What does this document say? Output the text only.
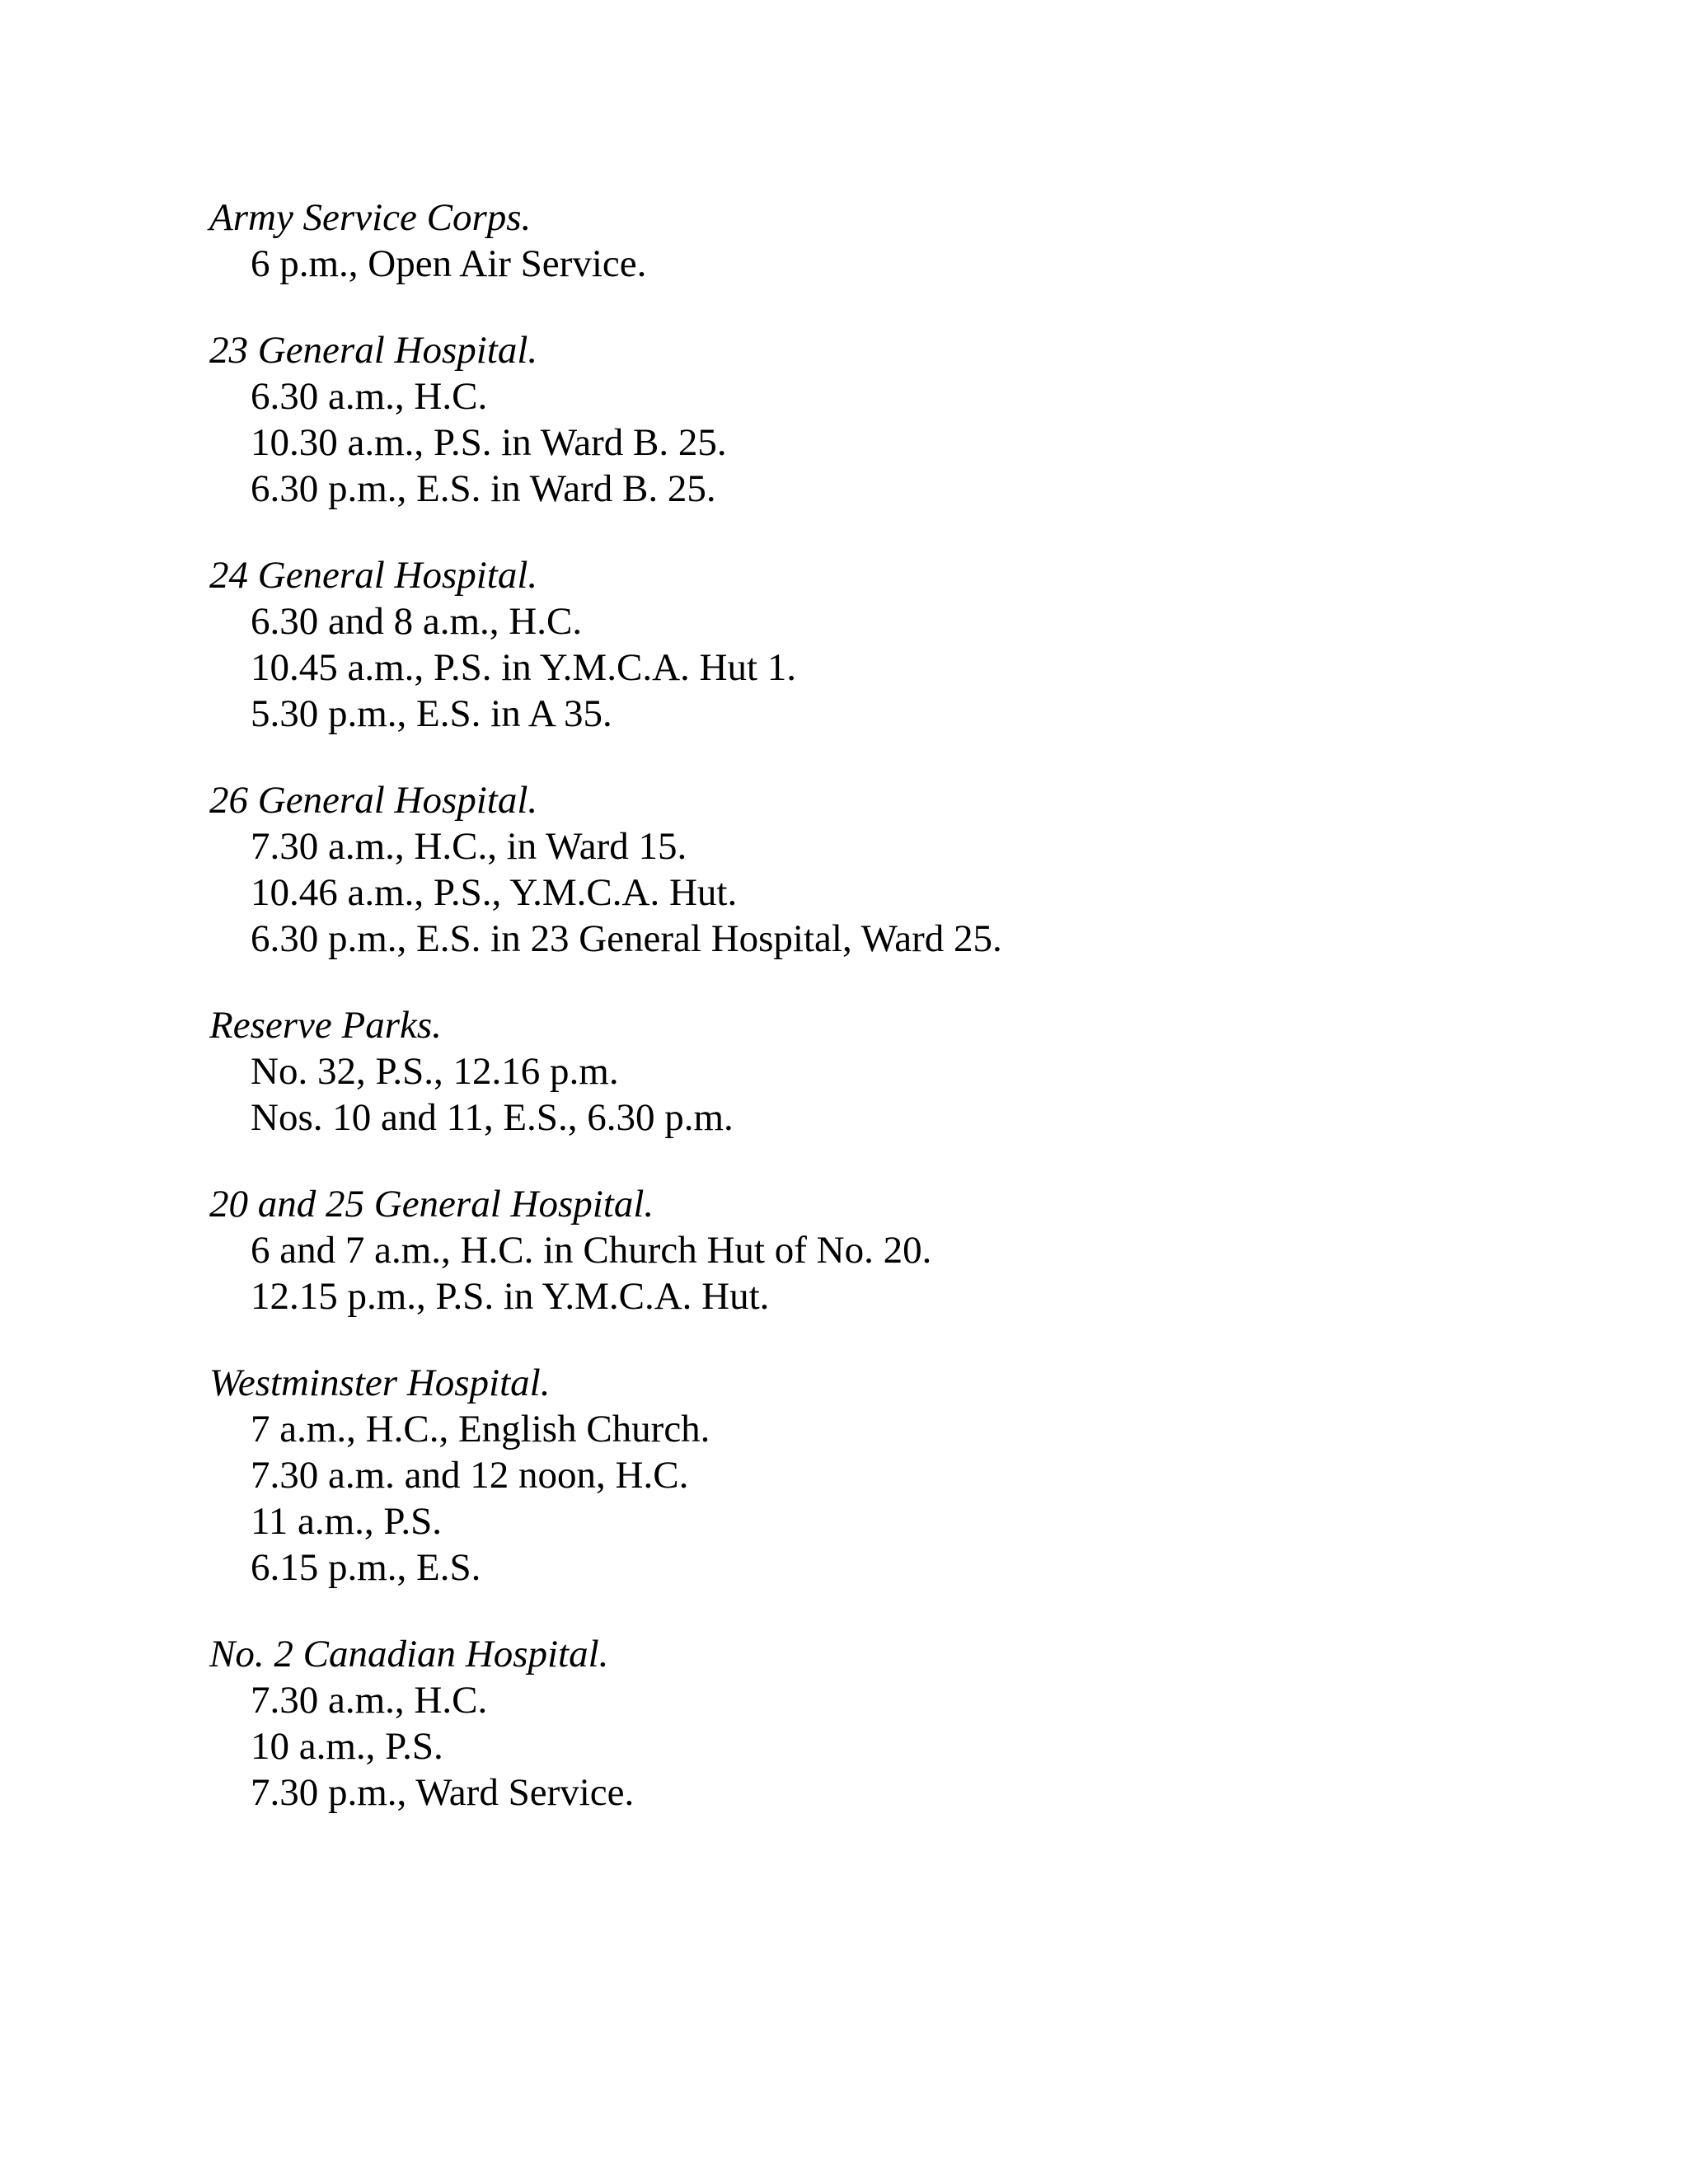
Army Service Corps.
6 p.m., Open Air Service.
23 General Hospital.
6.30 a.m., H.C.
10.30 a.m., P.S. in Ward B. 25.
6.30 p.m., E.S. in Ward B. 25.
24 General Hospital.
6.30 and 8 a.m., H.C.
10.45 a.m., P.S. in Y.M.C.A. Hut 1.
5.30 p.m., E.S. in A 35.
26 General Hospital.
7.30 a.m., H.C., in Ward 15.
10.46 a.m., P.S., Y.M.C.A. Hut.
6.30 p.m., E.S. in 23 General Hospital, Ward 25.
Reserve Parks.
No. 32, P.S., 12.16 p.m.
Nos. 10 and 11, E.S., 6.30 p.m.
20 and 25 General Hospital.
6 and 7 a.m., H.C. in Church Hut of No. 20.
12.15 p.m., P.S. in Y.M.C.A. Hut.
Westminster Hospital.
7 a.m., H.C., English Church.
7.30 a.m. and 12 noon, H.C.
11 a.m., P.S.
6.15 p.m., E.S.
No. 2 Canadian Hospital.
7.30 a.m., H.C.
10 a.m., P.S.
7.30 p.m., Ward Service.
